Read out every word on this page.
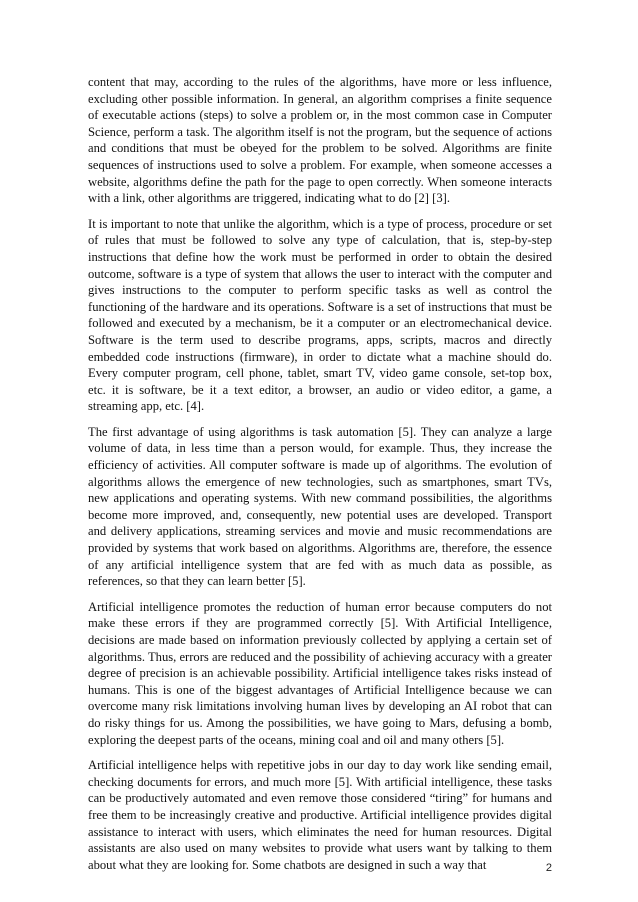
content that may, according to the rules of the algorithms, have more or less influence, excluding other possible information. In general, an algorithm comprises a finite sequence of executable actions (steps) to solve a problem or, in the most common case in Computer Science, perform a task. The algorithm itself is not the program, but the sequence of actions and conditions that must be obeyed for the problem to be solved. Algorithms are finite sequences of instructions used to solve a problem. For example, when someone accesses a website, algorithms define the path for the page to open correctly. When someone interacts with a link, other algorithms are triggered, indicating what to do [2] [3].

It is important to note that unlike the algorithm, which is a type of process, procedure or set of rules that must be followed to solve any type of calculation, that is, step-by-step instructions that define how the work must be performed in order to obtain the desired outcome, software is a type of system that allows the user to interact with the computer and gives instructions to the computer to perform specific tasks as well as control the functioning of the hardware and its operations. Software is a set of instructions that must be followed and executed by a mechanism, be it a computer or an electromechanical device. Software is the term used to describe programs, apps, scripts, macros and directly embedded code instructions (firmware), in order to dictate what a machine should do. Every computer program, cell phone, tablet, smart TV, video game console, set-top box, etc. it is software, be it a text editor, a browser, an audio or video editor, a game, a streaming app, etc. [4].

The first advantage of using algorithms is task automation [5]. They can analyze a large volume of data, in less time than a person would, for example. Thus, they increase the efficiency of activities. All computer software is made up of algorithms. The evolution of algorithms allows the emergence of new technologies, such as smartphones, smart TVs, new applications and operating systems. With new command possibilities, the algorithms become more improved, and, consequently, new potential uses are developed. Transport and delivery applications, streaming services and movie and music recommendations are provided by systems that work based on algorithms. Algorithms are, therefore, the essence of any artificial intelligence system that are fed with as much data as possible, as references, so that they can learn better [5].

Artificial intelligence promotes the reduction of human error because computers do not make these errors if they are programmed correctly [5]. With Artificial Intelligence, decisions are made based on information previously collected by applying a certain set of algorithms. Thus, errors are reduced and the possibility of achieving accuracy with a greater degree of precision is an achievable possibility. Artificial intelligence takes risks instead of humans. This is one of the biggest advantages of Artificial Intelligence because we can overcome many risk limitations involving human lives by developing an AI robot that can do risky things for us. Among the possibilities, we have going to Mars, defusing a bomb, exploring the deepest parts of the oceans, mining coal and oil and many others [5].

Artificial intelligence helps with repetitive jobs in our day to day work like sending email, checking documents for errors, and much more [5]. With artificial intelligence, these tasks can be productively automated and even remove those considered “tiring” for humans and free them to be increasingly creative and productive. Artificial intelligence provides digital assistance to interact with users, which eliminates the need for human resources. Digital assistants are also used on many websites to provide what users want by talking to them about what they are looking for. Some chatbots are designed in such a way that	2
